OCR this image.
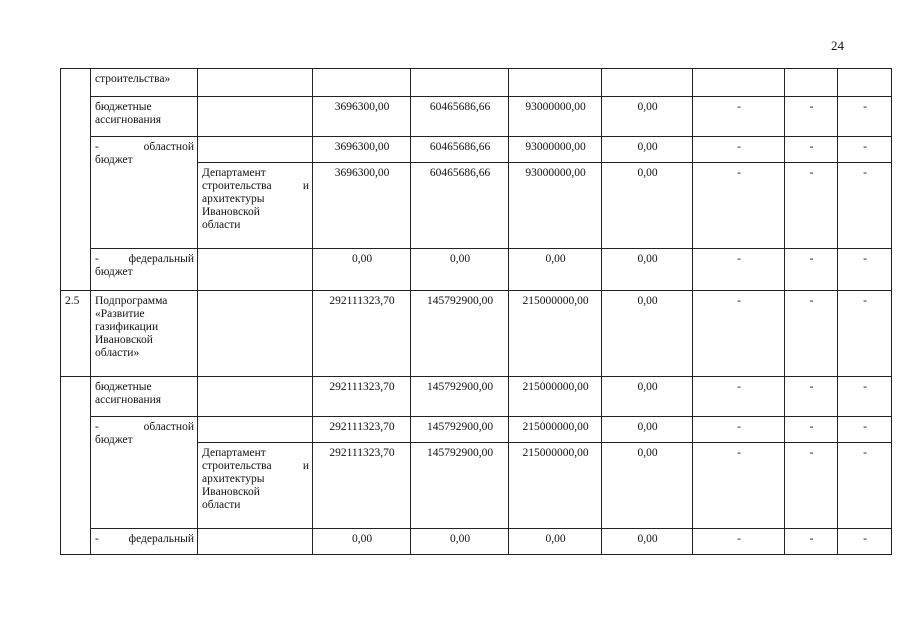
24

	строительства»								

	бюджетные
ассигнования		3696300,00	60465686,66	93000000,00	0,00	-	-	-

	- областной
бюджет		3696300,00	60465686,66	93000000,00	0,00	-	-	-

		Департамент
строительства и
архитектуры
Ивановской
области	3696300,00	60465686,66	93000000,00	0,00	-	-	-

	- федеральный
бюджет		0,00	0,00	0,00	0,00	-	-	-
2.5	Подпрограмма
«Развитие
газификации
Ивановской
области»		292111323,70	145792900,00	215000000,00	0,00	-	-	-

	бюджетные
ассигнования		292111323,70	145792900,00	215000000,00	0,00	-	-	-

	- областной
бюджет		292111323,70	145792900,00	215000000,00	0,00	-	-	-

		Департамент
строительства и
архитектуры
Ивановской
области	292111323,70	145792900,00	215000000,00	0,00	-	-	-

	- федеральный		0,00	0,00	0,00	0,00	-	-	-
